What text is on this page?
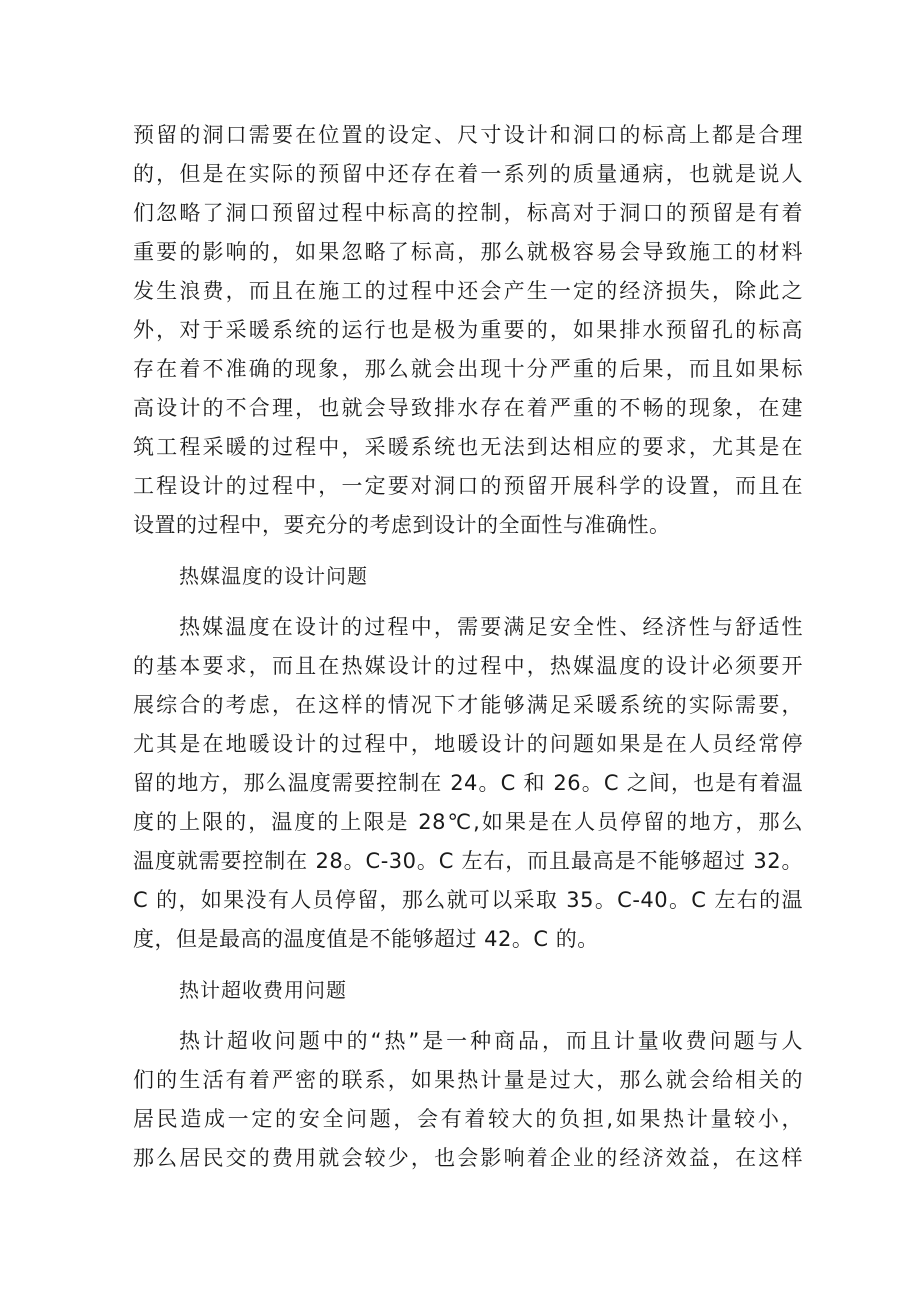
预留的洞口需要在位置的设定、尺寸设计和洞口的标高上都是合理
的，但是在实际的预留中还存在着一系列的质量通病，也就是说人
们忽略了洞口预留过程中标高的控制，标高对于洞口的预留是有着
重要的影响的，如果忽略了标高，那么就极容易会导致施工的材料
发生浪费，而且在施工的过程中还会产生一定的经济损失，除此之
外，对于采暖系统的运行也是极为重要的，如果排水预留孔的标高
存在着不准确的现象，那么就会出现十分严重的后果，而且如果标
高设计的不合理，也就会导致排水存在着严重的不畅的现象，在建
筑工程采暖的过程中，采暖系统也无法到达相应的要求，尤其是在
工程设计的过程中，一定要对洞口的预留开展科学的设置，而且在
设置的过程中，要充分的考虑到设计的全面性与准确性。
热媒温度的设计问题
热媒温度在设计的过程中，需要满足安全性、经济性与舒适性
的基本要求，而且在热媒设计的过程中，热媒温度的设计必须要开
展综合的考虑，在这样的情况下才能够满足采暖系统的实际需要，
尤其是在地暖设计的过程中，地暖设计的问题如果是在人员经常停
留的地方，那么温度需要控制在 24。C 和 26。C 之间，也是有着温
度的上限的，温度的上限是 28℃,如果是在人员停留的地方，那么
温度就需要控制在 28。C-30。C 左右，而且最高是不能够超过 32。
C 的，如果没有人员停留，那么就可以采取 35。C-40。C 左右的温
度，但是最高的温度值是不能够超过 42。C 的。
热计超收费用问题
热计超收问题中的“热”是一种商品，而且计量收费问题与人
们的生活有着严密的联系，如果热计量是过大，那么就会给相关的
居民造成一定的安全问题，会有着较大的负担,如果热计量较小，
那么居民交的费用就会较少，也会影响着企业的经济效益，在这样
